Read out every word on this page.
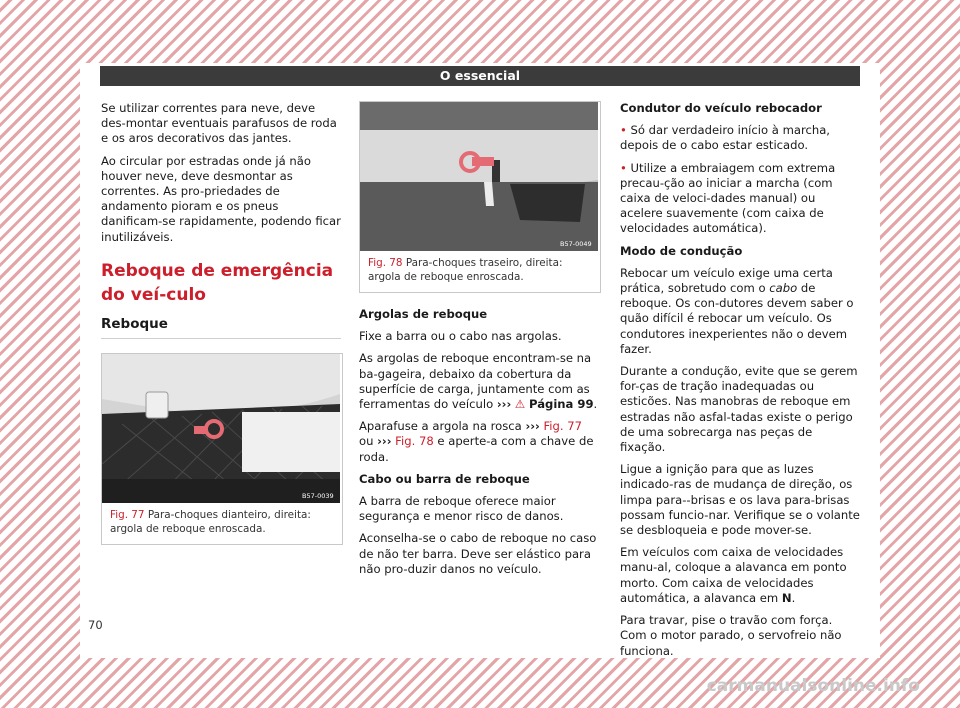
O essencial

Se utilizar correntes para neve, deve des-montar eventuais parafusos de roda e os aros decorativos das jantes.

Ao circular por estradas onde já não houver neve, deve desmontar as correntes. As pro-priedades de andamento pioram e os pneus danificam-se rapidamente, podendo ficar inutilizáveis.

Reboque de emergência do veí-culo
Reboque
B57-0039
Fig. 77 Para-choques dianteiro, direita: argola de reboque enroscada.
B57-0049
Fig. 78 Para-choques traseiro, direita: argola de reboque enroscada.

Argolas de reboque

Fixe a barra ou o cabo nas argolas.

As argolas de reboque encontram-se na ba-gageira, debaixo da cobertura da superfície de carga, juntamente com as ferramentas do veículo ››› ⚠ Página 99.

Aparafuse a argola na rosca ››› Fig. 77 ou ››› Fig. 78 e aperte-a com a chave de roda.

Cabo ou barra de reboque

A barra de reboque oferece maior segurança e menor risco de danos.

Aconselha-se o cabo de reboque no caso de não ter barra. Deve ser elástico para não pro-duzir danos no veículo.

Condutor do veículo rebocador

• Só dar verdadeiro início à marcha, depois de o cabo estar esticado.

• Utilize a embraiagem com extrema precau-ção ao iniciar a marcha (com caixa de veloci-dades manual) ou acelere suavemente (com caixa de velocidades automática).

Modo de condução

Rebocar um veículo exige uma certa prática, sobretudo com o cabo de reboque. Os con-dutores devem saber o quão difícil é rebocar um veículo. Os condutores inexperientes não o devem fazer.

Durante a condução, evite que se gerem for-ças de tração inadequadas ou esticões. Nas manobras de reboque em estradas não asfal-tadas existe o perigo de uma sobrecarga nas peças de fixação.

Ligue a ignição para que as luzes indicado-ras de mudança de direção, os limpa para--brisas e os lava para-brisas possam funcio-nar. Verifique se o volante se desbloqueia e pode mover-se.

Em veículos com caixa de velocidades manu-al, coloque a alavanca em ponto morto. Com caixa de velocidades automática, a alavanca em N.

Para travar, pise o travão com força. Com o motor parado, o servofreio não funciona.

70
carmanualsonline.info
